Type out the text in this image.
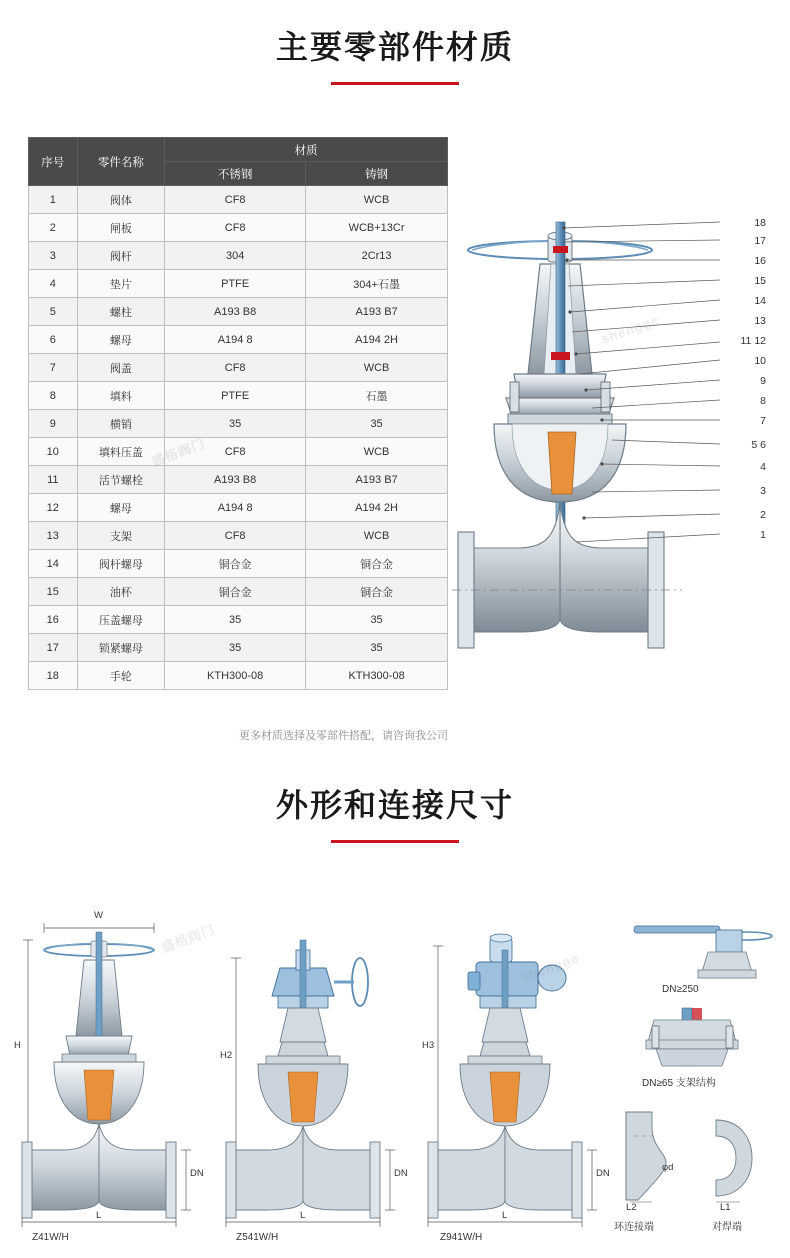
主要零部件材质
序号	零件名称	材质	
		不锈钢	铸钢
1	阀体	CF8	WCB
2	闸板	CF8	WCB+13Cr
3	阀杆	304	2Cr13
4	垫片	PTFE	304+石墨
5	螺柱	A193 B8	A193 B7
6	螺母	A194 8	A194 2H
7	阀盖	CF8	WCB
8	填料	PTFE	石墨
9	横销	35	35
10	填料压盖	CF8	WCB
11	活节螺栓	A193 B8	A193 B7
12	螺母	A194 8	A194 2H
13	支架	CF8	WCB
14	阀杆螺母	铜合金	铜合金
15	油杯	铜合金	铜合金
16	压盖螺母	35	35
17	锁紧螺母	35	35
18	手轮	KTH300-08	KTH300-08
更多材质选择及零部件搭配，请咨询我公司
18
17
16
15
14
13
11 12
10
9
8
7
5 6
4
3
2
1
shengge
外形和连接尺寸
W
H
DN
L
Z41W/H
H2
DN
L
Z541W/H
H3
DN
L
Z941W/H
DN≥250
DN≥65 支架结构
φd
L2
环连接端
L1
对焊端
盛格阀门
